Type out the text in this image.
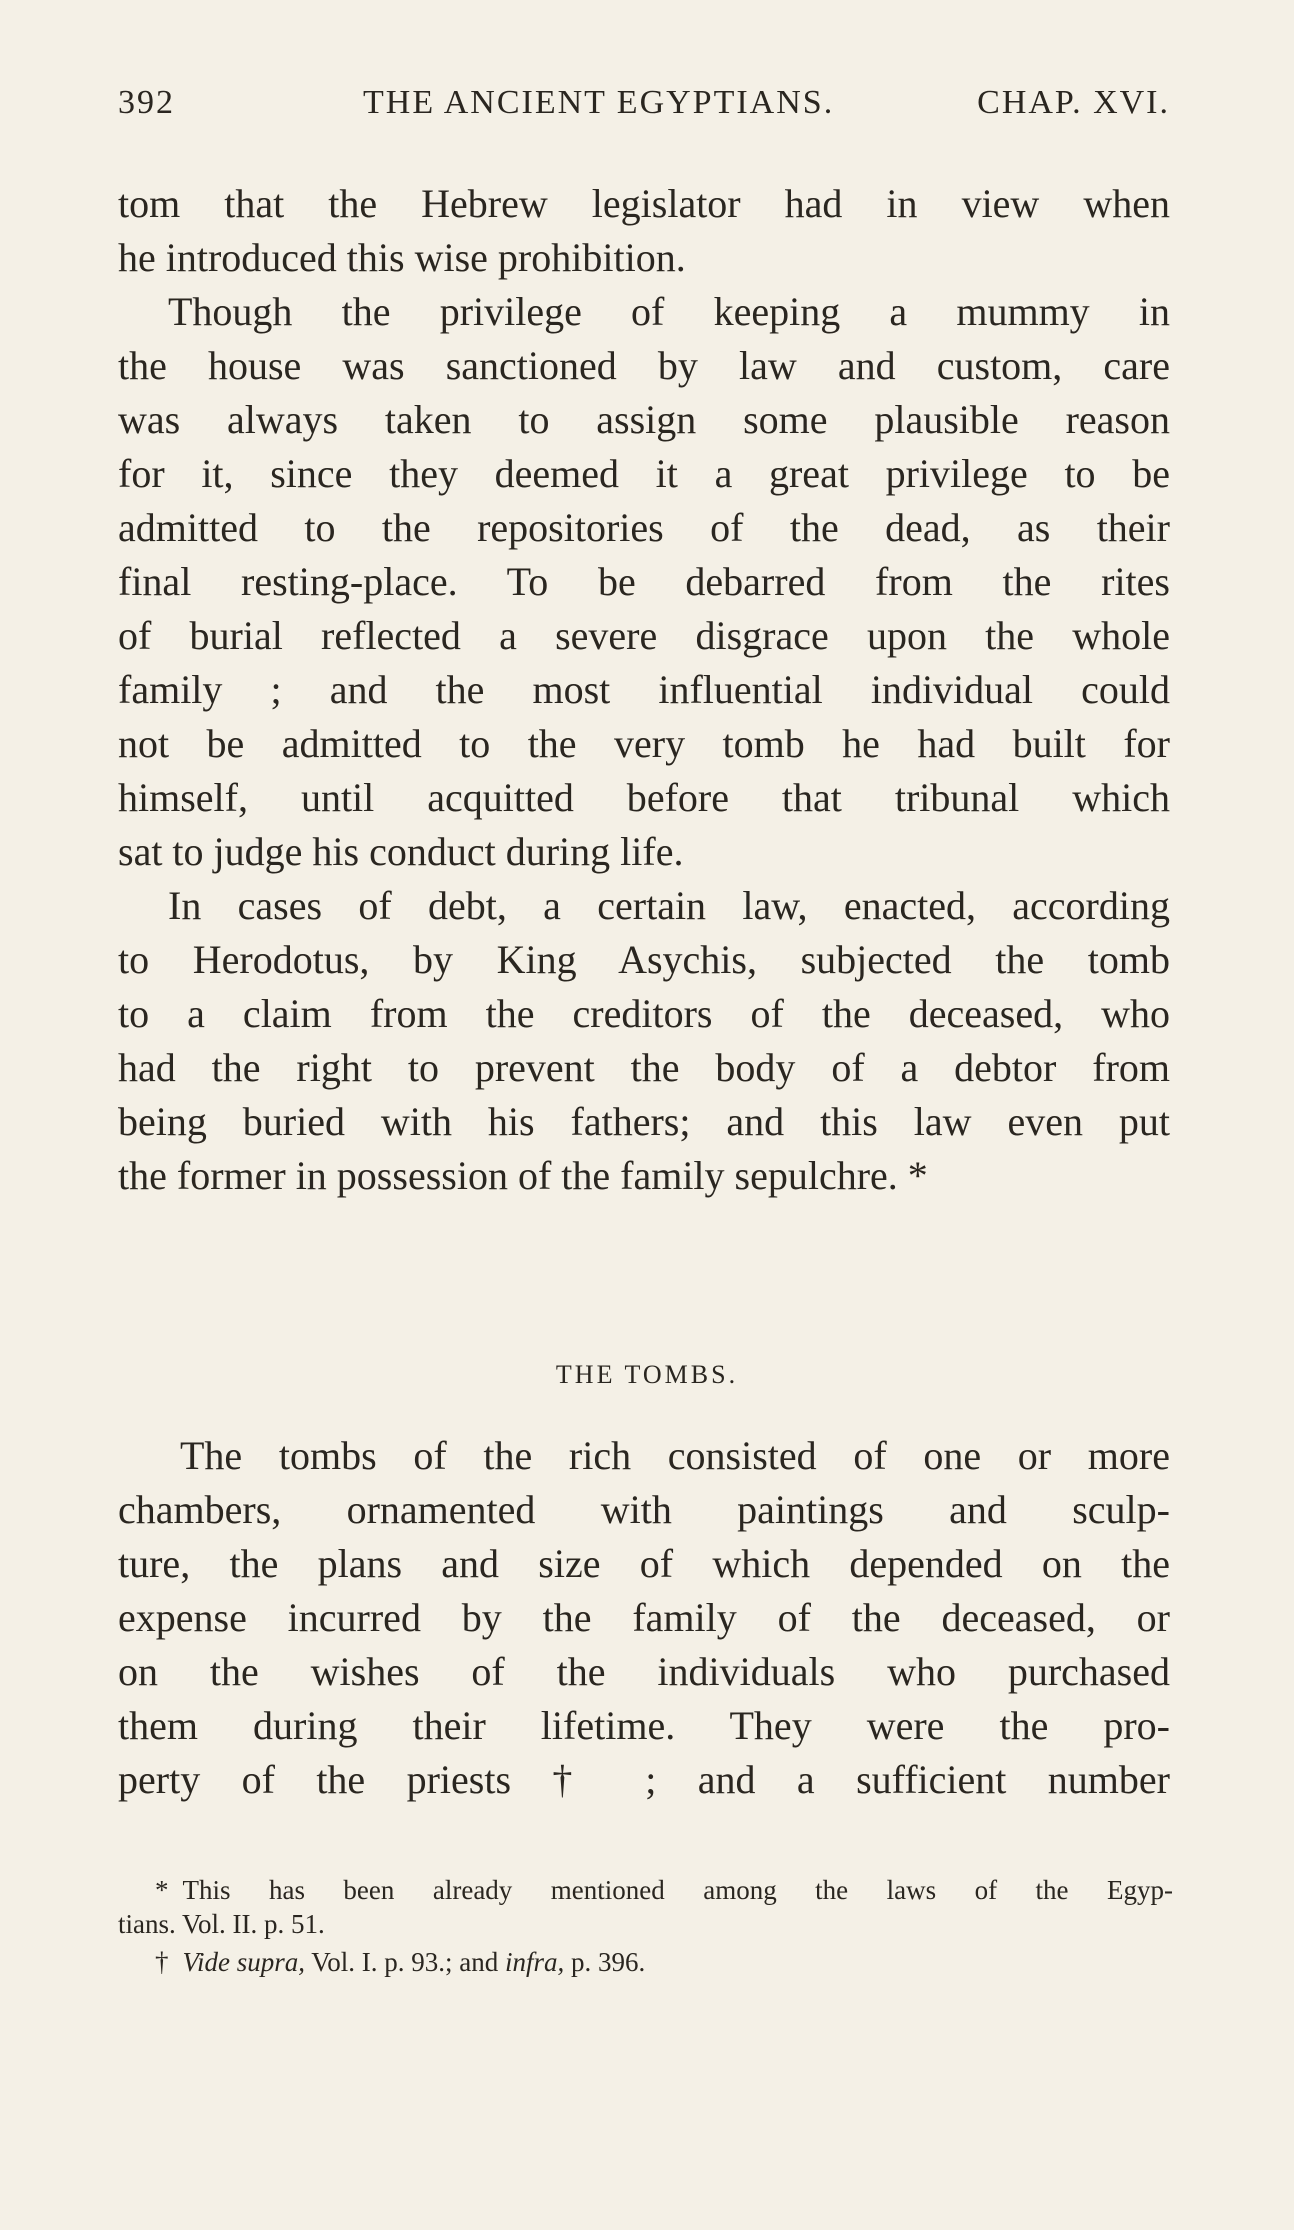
392	THE ANCIENT EGYPTIANS.	CHAP. XVI.
tom that the Hebrew legislator had in view when
he introduced this wise prohibition.
Though the privilege of keeping a mummy in
the house was sanctioned by law and custom, care
was always taken to assign some plausible reason
for it, since they deemed it a great privilege to be
admitted to the repositories of the dead, as their
final resting-place. To be debarred from the rites
of burial reflected a severe disgrace upon the whole
family ; and the most influential individual could
not be admitted to the very tomb he had built for
himself, until acquitted before that tribunal which
sat to judge his conduct during life.
In cases of debt, a certain law, enacted, according
to Herodotus, by King Asychis, subjected the tomb
to a claim from the creditors of the deceased, who
had the right to prevent the body of a debtor from
being buried with his fathers; and this law even put
the former in possession of the family sepulchre. *
THE TOMBS.
The tombs of the rich consisted of one or more
chambers, ornamented with paintings and sculp-
ture, the plans and size of which depended on the
expense incurred by the family of the deceased, or
on the wishes of the individuals who purchased
them during their lifetime. They were the pro-
perty of the priests † ; and a sufficient number
* This has been already mentioned among the laws of the Egyp-
tians. Vol. II. p. 51.
† Vide supra, Vol. I. p. 93.; and infra, p. 396.
